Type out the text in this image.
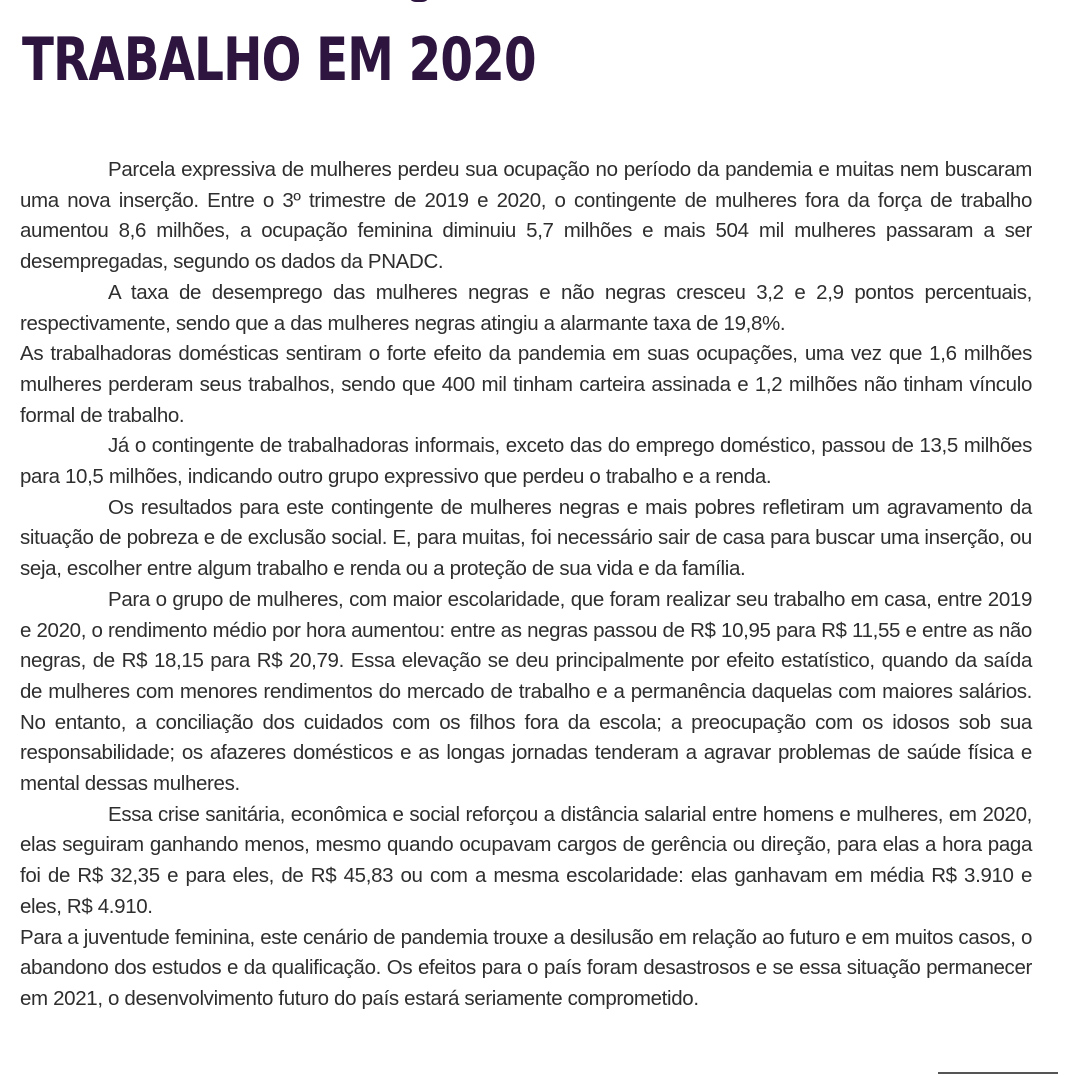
TRABALHO EM 2020

Parcela expressiva de mulheres perdeu sua ocupação no período da pandemia e muitas nem buscaram uma nova inserção. Entre o 3º trimestre de 2019 e 2020, o contingente de mulheres fora da força de trabalho aumentou 8,6 milhões, a ocupação feminina diminuiu 5,7 milhões e mais 504 mil mulheres passaram a ser desempregadas, segundo os dados da PNADC.

A taxa de desemprego das mulheres negras e não negras cresceu 3,2 e 2,9 pontos percentuais, respectivamente, sendo que a das mulheres negras atingiu a alarmante taxa de 19,8%.

As trabalhadoras domésticas sentiram o forte efeito da pandemia em suas ocupações, uma vez que 1,6 milhões mulheres perderam seus trabalhos, sendo que 400 mil tinham carteira assinada e 1,2 milhões não tinham vínculo formal de trabalho.

Já o contingente de trabalhadoras informais, exceto das do emprego doméstico, passou de 13,5 milhões para 10,5 milhões, indicando outro grupo expressivo que perdeu o trabalho e a renda.

Os resultados para este contingente de mulheres negras e mais pobres refletiram um agravamento da situação de pobreza e de exclusão social. E, para muitas, foi necessário sair de casa para buscar uma inserção, ou seja, escolher entre algum trabalho e renda ou a proteção de sua vida e da família.

Para o grupo de mulheres, com maior escolaridade, que foram realizar seu trabalho em casa, entre 2019 e 2020, o rendimento médio por hora aumentou: entre as negras passou de R$ 10,95 para R$ 11,55 e entre as não negras, de R$ 18,15 para R$ 20,79. Essa elevação se deu principalmente por efeito estatístico, quando da saída de mulheres com menores rendimentos do mercado de trabalho e a permanência daquelas com maiores salários. No entanto, a conciliação dos cuidados com os filhos fora da escola; a preocupação com os idosos sob sua responsabilidade; os afazeres domésticos e as longas jornadas tenderam a agravar problemas de saúde física e mental dessas mulheres.

Essa crise sanitária, econômica e social reforçou a distância salarial entre homens e mulheres, em 2020, elas seguiram ganhando menos, mesmo quando ocupavam cargos de gerência ou direção, para elas a hora paga foi de R$ 32,35 e para eles, de R$ 45,83 ou com a mesma escolaridade: elas ganhavam em média R$ 3.910 e eles, R$ 4.910.

Para a juventude feminina, este cenário de pandemia trouxe a desilusão em relação ao futuro e em muitos casos, o abandono dos estudos e da qualificação. Os efeitos para o país foram desastrosos e se essa situação permanecer em 2021, o desenvolvimento futuro do país estará seriamente comprometido.
